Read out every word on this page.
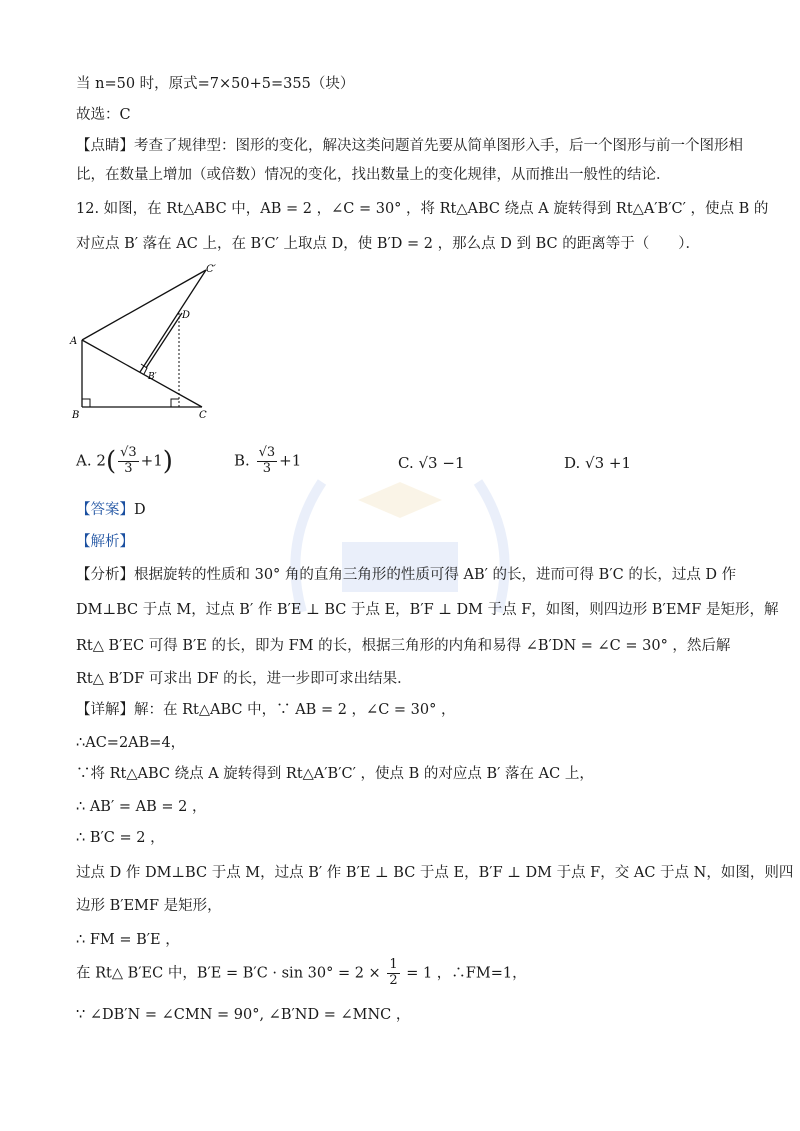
当 n=50 时，原式=7×50+5=355（块）
故选：C
【点睛】考查了规律型：图形的变化，解决这类问题首先要从简单图形入手，后一个图形与前一个图形相
比，在数量上增加（或倍数）情况的变化，找出数量上的变化规律，从而推出一般性的结论．
12. 如图，在 Rt△ABC 中，AB = 2 ，∠C = 30° ，将 Rt△ABC 绕点 A 旋转得到 Rt△A′B′C′ ，使点 B 的
对应点 B′ 落在 AC 上，在 B′C′ 上取点 D，使 B′D = 2 ，那么点 D 到 BC 的距离等于（　　）．
A
B	C
C′
D
B′
A. $2( \frac{√3}{3} +1)$	B. $\frac{√3}{3} +1$	C. √3 −1	D. √3 +1
【答案】D
【解析】
【分析】根据旋转的性质和 30° 角的直角三角形的性质可得 AB′ 的长，进而可得 B′C 的长，过点 D 作
DM⊥BC 于点 M，过点 B′ 作 B′E ⊥ BC 于点 E，B′F ⊥ DM 于点 F，如图，则四边形 B′EMF 是矩形，解
Rt△ B′EC 可得 B′E 的长，即为 FM 的长，根据三角形的内角和易得 ∠B′DN = ∠C = 30° ，然后解
Rt△ B′DF 可求出 DF 的长，进一步即可求出结果．
【详解】解：在 Rt△ABC 中，∵ AB = 2 ，∠C = 30° ，
∴AC=2AB=4，
∵将 Rt△ABC 绕点 A 旋转得到 Rt△A′B′C′ ，使点 B 的对应点 B′ 落在 AC 上，
∴ AB′ = AB = 2 ，
∴ B′C = 2 ，
过点 D 作 DM⊥BC 于点 M，过点 B′ 作 B′E ⊥ BC 于点 E，B′F ⊥ DM 于点 F，交 AC 于点 N，如图，则四
边形 B′EMF 是矩形，
∴ FM = B′E ，
在 Rt△ B′EC 中，$B'E = B'C \cdot \sin 30^\circ = 2 \times \frac{1}{2} = 1$ ，∴FM=1，
∵ ∠DB′N = ∠CMN = 90°, ∠B′ND = ∠MNC ，
